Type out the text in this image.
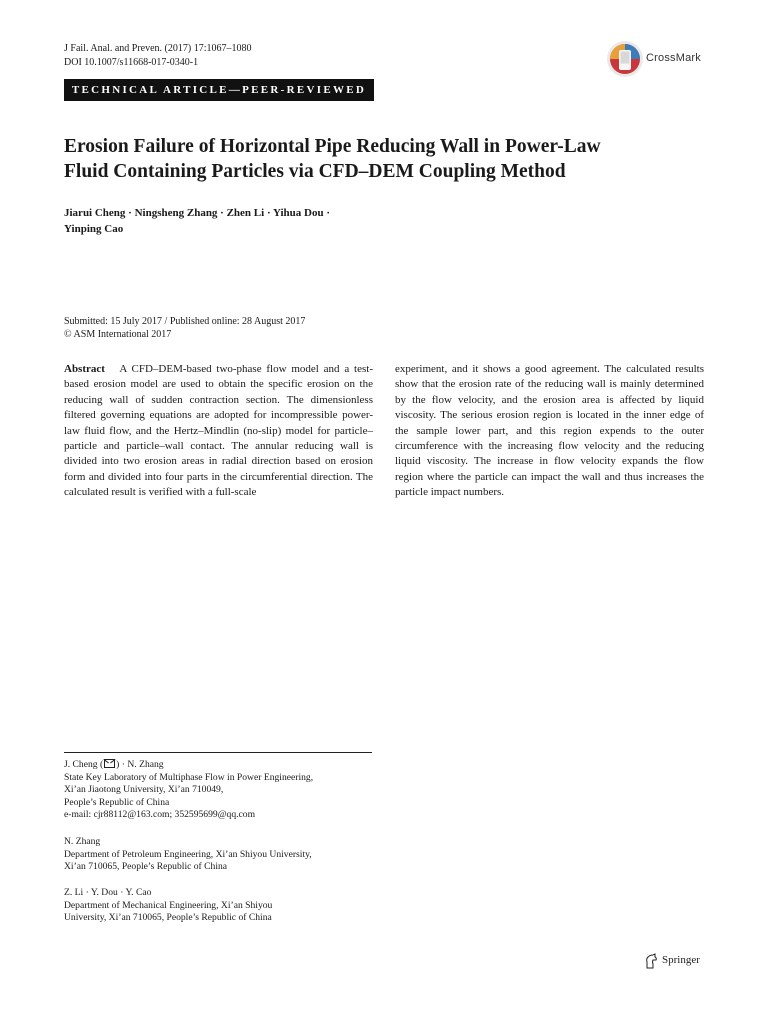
J Fail. Anal. and Preven. (2017) 17:1067–1080
DOI 10.1007/s11668-017-0340-1	CrossMark
TECHNICAL ARTICLE—PEER-REVIEWED
Erosion Failure of Horizontal Pipe Reducing Wall in Power-Law
Fluid Containing Particles via CFD–DEM Coupling Method
Jiarui Cheng · Ningsheng Zhang · Zhen Li · Yihua Dou ·
Yinping Cao
Submitted: 15 July 2017 / Published online: 28 August 2017
© ASM International 2017
Abstract A CFD–DEM-based two-phase flow model and a test-based erosion model are used to obtain the specific erosion on the reducing wall of sudden contraction section. The dimensionless filtered governing equations are adopted for incompressible power-law fluid flow, and the Hertz–Mindlin (no-slip) model for particle–particle and particle–wall contact. The annular reducing wall is divided into two erosion areas in radial direction based on erosion form and divided into four parts in the circumferential direction. The calculated result is verified with a full-scale
experiment, and it shows a good agreement. The calculated results show that the erosion rate of the reducing wall is mainly determined by the flow velocity, and the erosion area is affected by liquid viscosity. The serious erosion region is located in the inner edge of the sample lower part, and this region expends to the outer circumference with the increasing flow velocity and the reducing liquid viscosity. The increase in flow velocity expands the flow region where the particle can impact the wall and thus increases the particle impact numbers.
J. Cheng ( ) · N. Zhang
State Key Laboratory of Multiphase Flow in Power Engineering,
Xi’an Jiaotong University, Xi’an 710049,
People’s Republic of China
e-mail: cjr88112@163.com; 352595699@qq.com
N. Zhang
Department of Petroleum Engineering, Xi’an Shiyou University,
Xi’an 710065, People’s Republic of China
Z. Li · Y. Dou · Y. Cao
Department of Mechanical Engineering, Xi’an Shiyou
University, Xi’an 710065, People’s Republic of China
Springer
